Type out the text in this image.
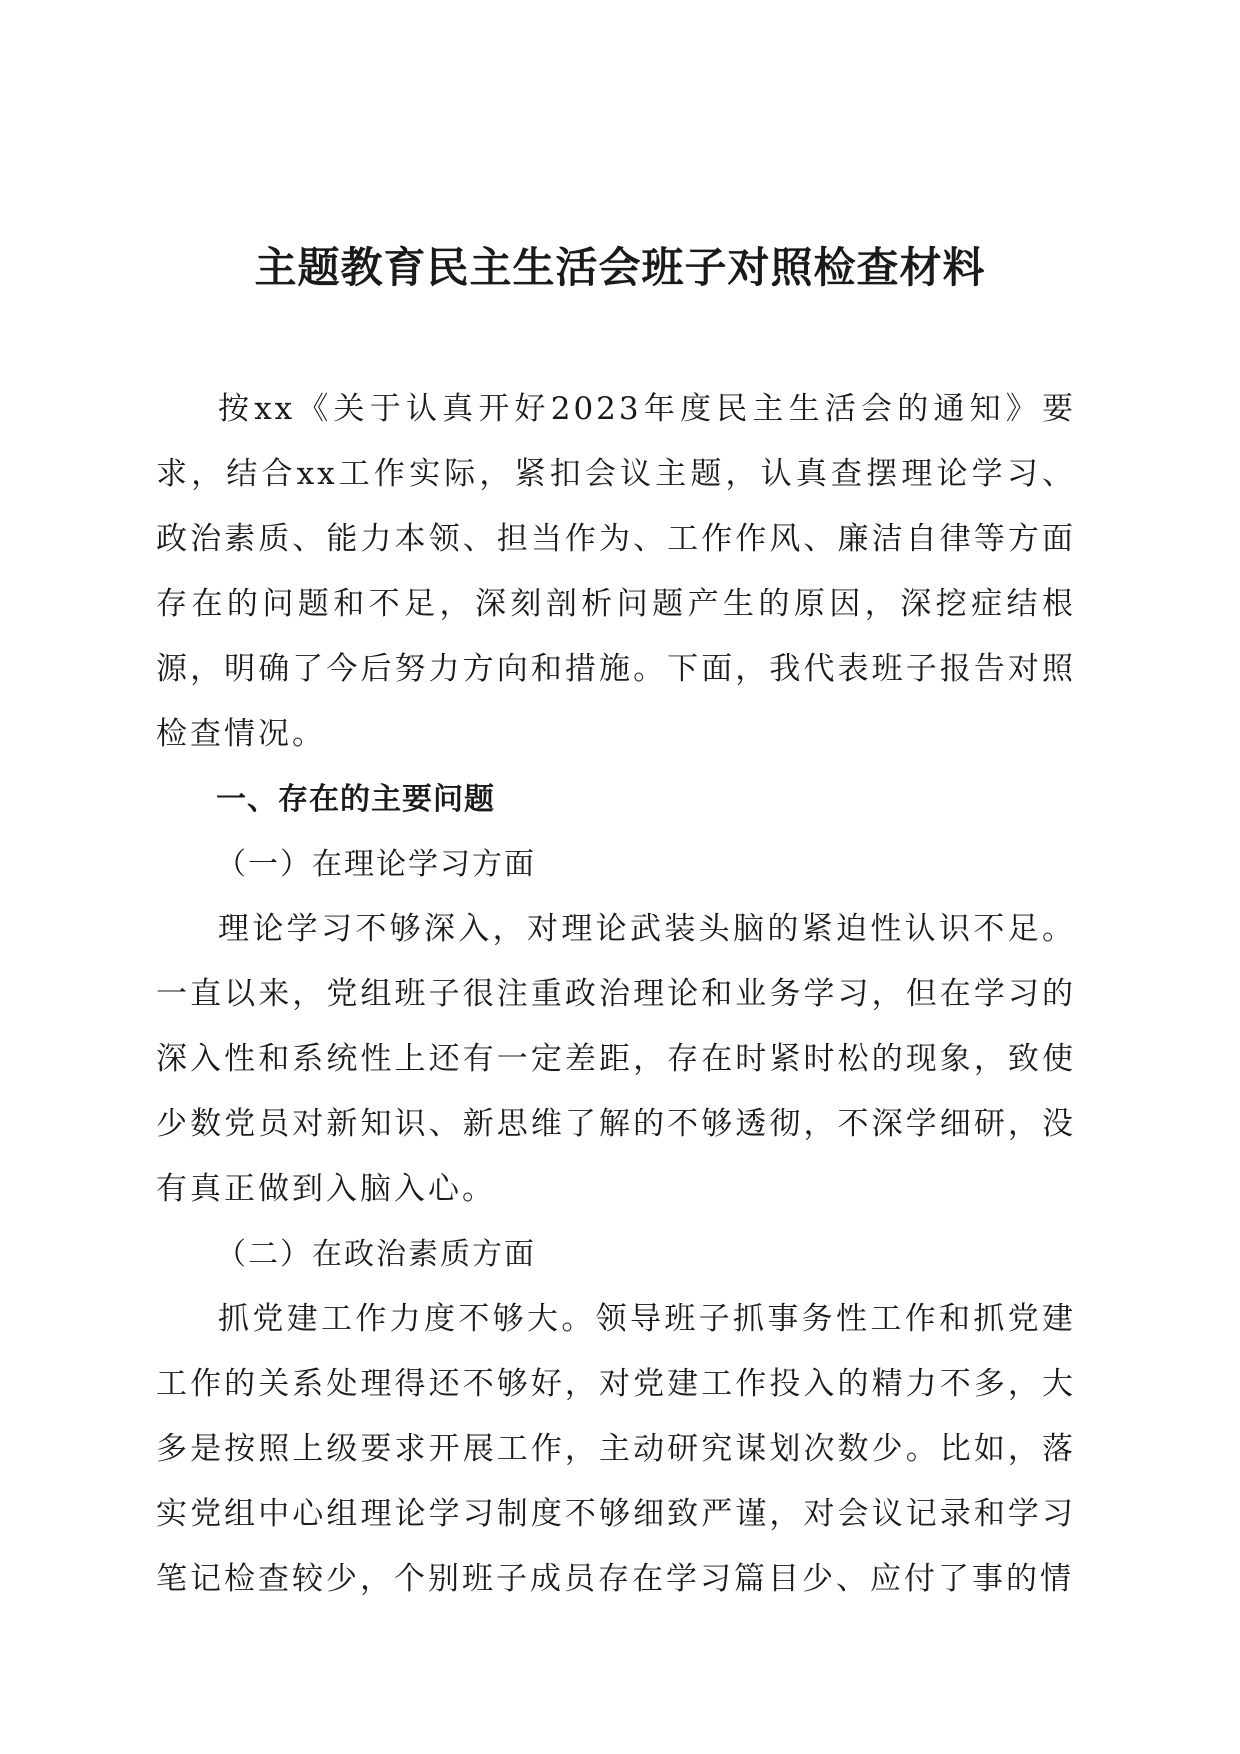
主题教育民主生活会班子对照检查材料

按xx《关于认真开好2023年度民主生活会的通知》要求，结合xx工作实际，紧扣会议主题，认真查摆理论学习、政治素质、能力本领、担当作为、工作作风、廉洁自律等方面存在的问题和不足，深刻剖析问题产生的原因，深挖症结根源，明确了今后努力方向和措施。下面，我代表班子报告对照检查情况。

一、存在的主要问题

（一）在理论学习方面

理论学习不够深入，对理论武装头脑的紧迫性认识不足。一直以来，党组班子很注重政治理论和业务学习，但在学习的深入性和系统性上还有一定差距，存在时紧时松的现象，致使少数党员对新知识、新思维了解的不够透彻，不深学细研，没有真正做到入脑入心。

（二）在政治素质方面

抓党建工作力度不够大。领导班子抓事务性工作和抓党建工作的关系处理得还不够好，对党建工作投入的精力不多，大多是按照上级要求开展工作，主动研究谋划次数少。比如，落实党组中心组理论学习制度不够细致严谨，对会议记录和学习笔记检查较少，个别班子成员存在学习篇目少、应付了事的情
